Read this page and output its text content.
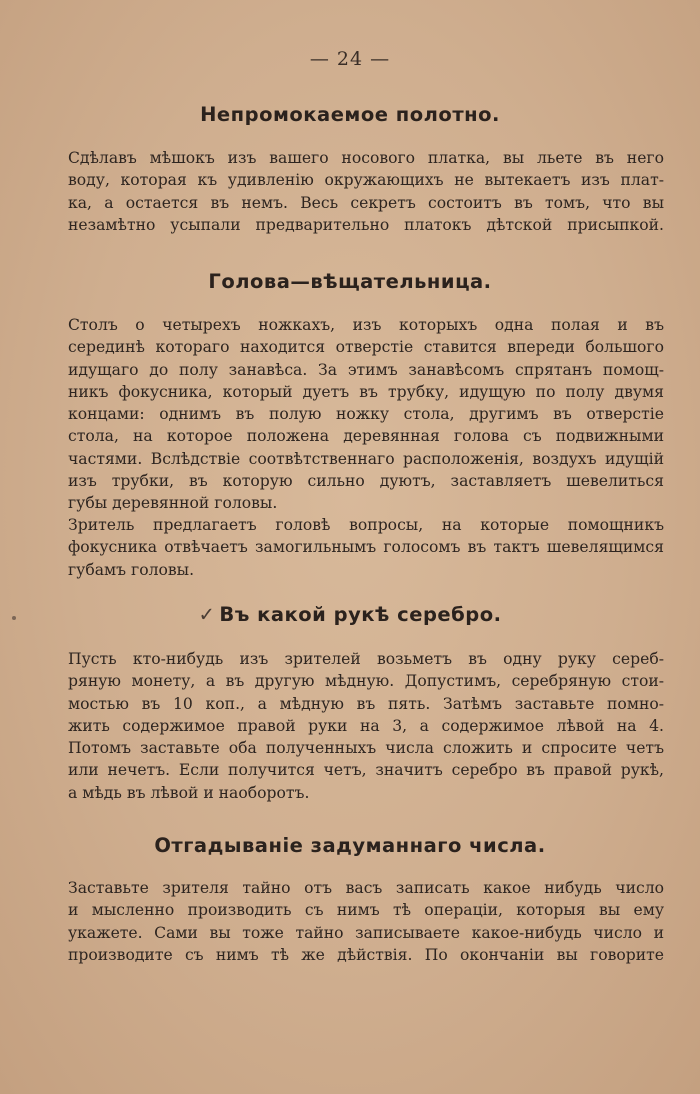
— 24 —
Непромокаемое полотно.
Сдѣлавъ мѣшокъ изъ вашего носового платка, вы льете въ него
воду, которая къ удивленію окружающихъ не вытекаетъ изъ плат-
ка, а остается въ немъ. Весь секретъ состоитъ въ томъ, что вы
незамѣтно усыпали предварительно платокъ дѣтской присыпкой.
Голова—вѣщательница.
Столъ о четырехъ ножкахъ, изъ которыхъ одна полая и въ
серединѣ котораго находится отверстіе ставится впереди большого
идущаго до полу занавѣса. За этимъ занавѣсомъ спрятанъ помощ-
никъ фокусника, который дуетъ въ трубку, идущую по полу двумя
концами: однимъ въ полую ножку стола, другимъ въ отверстіе
стола, на которое положена деревянная голова съ подвижными
частями. Вслѣдствіе соотвѣтственнаго расположенія, воздухъ идущій
изъ трубки, въ которую сильно дуютъ, заставляетъ шевелиться
губы деревянной головы.
Зритель предлагаетъ головѣ вопросы, на которые помощникъ
фокусника отвѣчаетъ замогильнымъ голосомъ въ тактъ шевелящимся
губамъ головы.
✓ Въ какой рукѣ серебро.
Пусть кто-нибудь изъ зрителей возьметъ въ одну руку сереб-
ряную монету, а въ другую мѣдную. Допустимъ, серебряную стои-
мостью въ 10 коп., а мѣдную въ пять. Затѣмъ заставьте помно-
жить содержимое правой руки на 3, а содержимое лѣвой на 4.
Потомъ заставьте оба полученныхъ числа сложить и спросите четъ
или нечетъ. Если получится четъ, значитъ серебро въ правой рукѣ,
а мѣдь въ лѣвой и наоборотъ.
Отгадываніе задуманнаго числа.
Заставьте зрителя тайно отъ васъ записать какое нибудь число
и мысленно производить съ нимъ тѣ операціи, которыя вы ему
укажете. Сами вы тоже тайно записываете какое-нибудь число и
производите съ нимъ тѣ же дѣйствія. По окончаніи вы говорите
